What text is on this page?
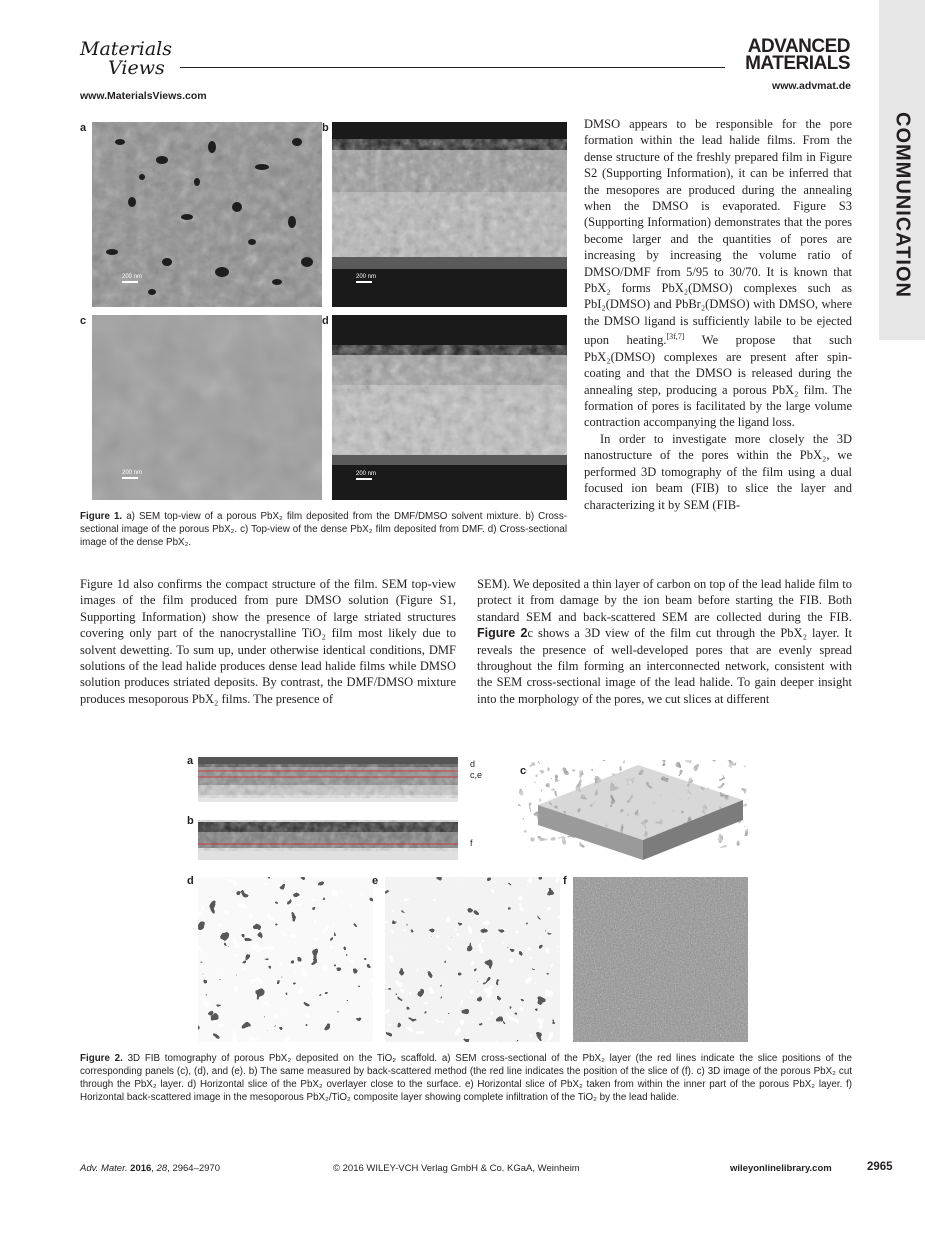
Materials
Views
ADVANCED
MATERIALS
www.MaterialsViews.com
www.advmat.de
COMMUNICATION
200 nm
a
200 nm
b
200 nm
c
200 nm
d
Figure 1. a) SEM top-view of a porous PbX₂ film deposited from the DMF/DMSO solvent mixture. b) Cross-sectional image of the porous PbX₂. c) Top-view of the dense PbX₂ film deposited from DMF. d) Cross-sectional image of the dense PbX₂.

DMSO appears to be responsible for the pore formation within the lead halide films. From the dense structure of the freshly prepared film in Figure S2 (Supporting Information), it can be inferred that the mesopores are produced during the annealing when the DMSO is evaporated. Figure S3 (Supporting Information) demonstrates that the pores become larger and the quantities of pores are increasing by increasing the volume ratio of DMSO/DMF from 5/95 to 30/70. It is known that PbX₂ forms PbX₂(DMSO) complexes such as PbI₂(DMSO) and PbBr₂(DMSO) with DMSO, where the DMSO ligand is sufficiently labile to be ejected upon heating.[3f,7] We propose that such PbX₂(DMSO) complexes are present after spin-coating and that the DMSO is released during the annealing step, producing a porous PbX₂ film. The formation of pores is facilitated by the large volume contraction accompanying the ligand loss.

In order to investigate more closely the 3D nanostructure of the pores within the PbX₂, we performed 3D tomography of the film using a dual focused ion beam (FIB) to slice the layer and characterizing it by SEM (FIB-

Figure 1d also confirms the compact structure of the film. SEM top-view images of the film produced from pure DMSO solution (Figure S1, Supporting Information) show the presence of large striated structures covering only part of the nanocrystalline TiO₂ film most likely due to solvent dewetting. To sum up, under otherwise identical conditions, DMF solutions of the lead halide produces dense lead halide films while DMSO solution produces striated deposits. By contrast, the DMF/DMSO mixture produces mesoporous PbX₂ films. The presence of

SEM). We deposited a thin layer of carbon on top of the lead halide film to protect it from damage by the ion beam before starting the FIB. Both standard SEM and back-scattered SEM are collected during the FIB. Figure 2c shows a 3D view of the film cut through the PbX₂ layer. It reveals the presence of well-developed pores that are evenly spread throughout the film forming an interconnected network, consistent with the SEM cross-sectional image of the lead halide. To gain deeper insight into the morphology of the pores, we cut slices at different

a	d
c,e
b
f
c
d	e	f
Figure 2. 3D FIB tomography of porous PbX₂ deposited on the TiO₂ scaffold. a) SEM cross-sectional of the PbX₂ layer (the red lines indicate the slice positions of the corresponding panels (c), (d), and (e). b) The same measured by back-scattered method (the red line indicates the position of the slice of (f). c) 3D image of the porous PbX₂ cut through the PbX₂ layer. d) Horizontal slice of the PbX₂ overlayer close to the surface. e) Horizontal slice of PbX₂ taken from within the inner part of the porous PbX₂ layer. f) Horizontal back-scattered image in the mesoporous PbX₂/TiO₂ composite layer showing complete infiltration of the TiO₂ by the lead halide.
Adv. Mater. 2016, 28, 2964–2970	© 2016 WILEY-VCH Verlag GmbH & Co. KGaA, Weinheim	wileyonlinelibrary.com	2965
